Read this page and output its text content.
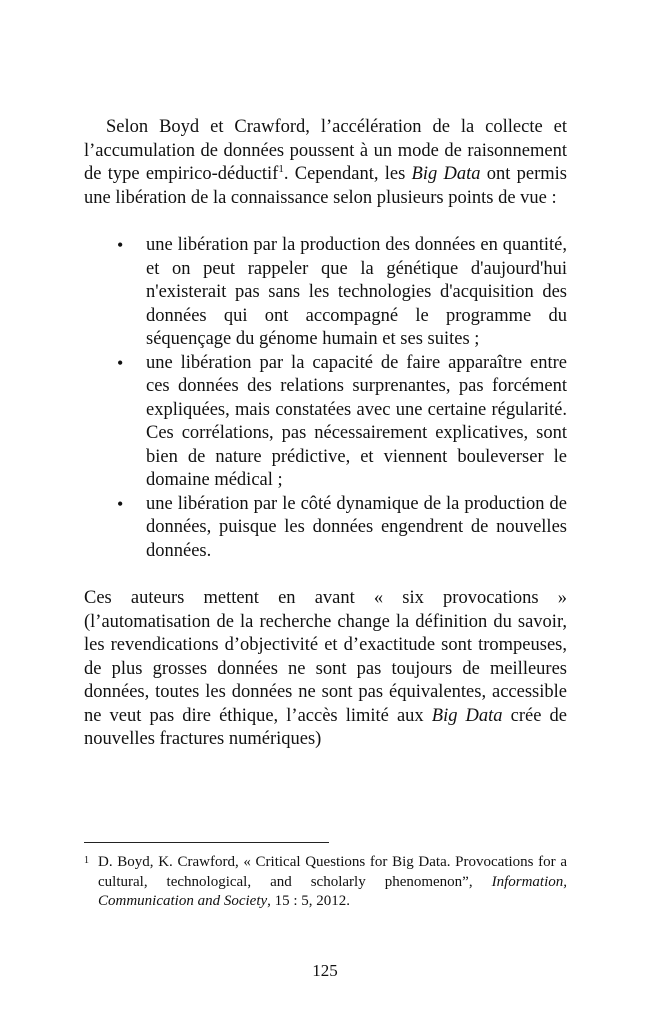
Selon Boyd et Crawford, l’accélération de la collecte et l’accumulation de données poussent à un mode de raisonnement de type empirico-déductif$^1$. Cependant, les Big Data ont permis une libération de la connaissance selon plusieurs points de vue :

• une libération par la production des données en quantité, et on peut rappeler que la génétique d'aujourd'hui n'existerait pas sans les technologies d'acquisition des données qui ont accompagné le programme du séquençage du génome humain et ses suites ;
• une libération par la capacité de faire apparaître entre ces données des relations surprenantes, pas forcément expliquées, mais constatées avec une certaine régularité. Ces corrélations, pas nécessairement explicatives, sont bien de nature prédictive, et viennent bouleverser le domaine médical ;
• une libération par le côté dynamique de la production de données, puisque les données engendrent de nouvelles données.

Ces auteurs mettent en avant « six provocations » (l’automatisation de la recherche change la définition du savoir, les revendications d’objectivité et d’exactitude sont trompeuses, de plus grosses données ne sont pas toujours de meilleures données, toutes les données ne sont pas équivalentes, accessible ne veut pas dire éthique, l’accès limité aux Big Data crée de nouvelles fractures numériques)

1 D. Boyd, K. Crawford, « Critical Questions for Big Data. Provocations for a cultural, technological, and scholarly phenomenon”, Information, Communication and Society, 15 : 5, 2012.
125
